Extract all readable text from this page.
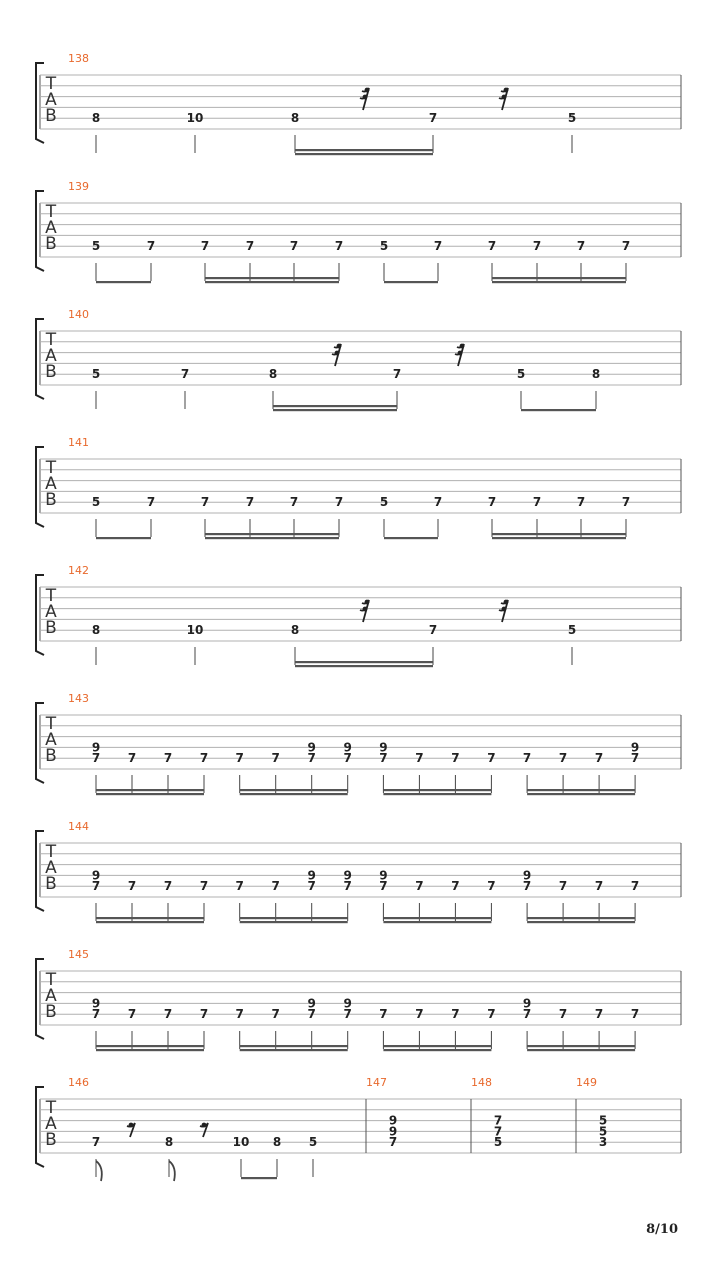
T
A
B
138
8	10	8	7	5
T
A
B
139
5	7	7	7	7	7	5	7	7	7	7	7
T
A
B
140
5	7	8	7	5	8
T
A
B
141
5	7	7	7	7	7	5	7	7	7	7	7
T
A
B
142
8	10	8	7	5
T
A
B
143
9
7 7 7 7 7 7
9
7
9
7
9
7 7 7 7 7 7 7
9
7
T
A
B
144
9
7 7 7 7 7 7
9
7
9
7
9
7 7 7 7
9
7 7 7 7
T
A
B
145
9
7 7 7 7 7 7
9
7
9
7 7 7 7 7
9
7 7 7 7
T
A
B
146	147	148	149
7	8	10 8 5
9
9
7
7
7
5
5
5
3
8/10
